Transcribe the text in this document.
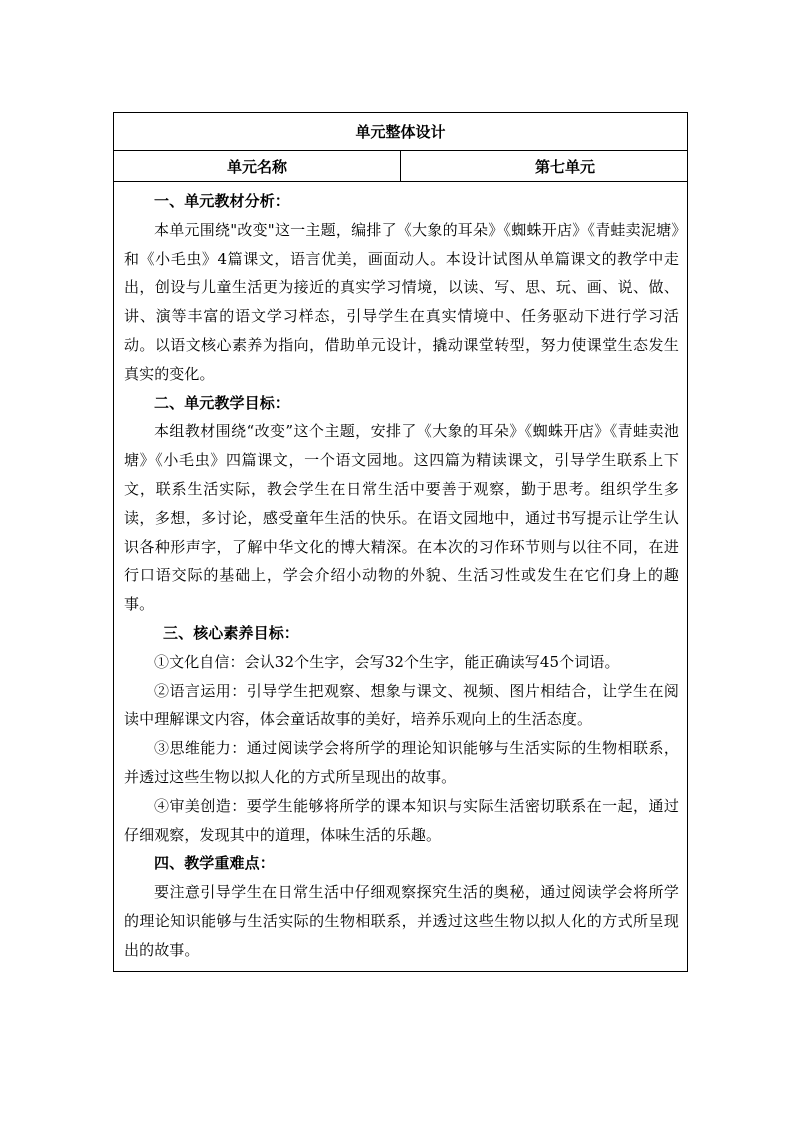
单元整体设计
单元名称	第七单元

一、单元教材分析：

本单元围绕"改变"这一主题，编排了《大象的耳朵》《蜘蛛开店》《青蛙卖泥塘》和《小毛虫》4篇课文，语言优美，画面动人。本设计试图从单篇课文的教学中走出，创设与儿童生活更为接近的真实学习情境，以读、写、思、玩、画、说、做、讲、演等丰富的语文学习样态，引导学生在真实情境中、任务驱动下进行学习活动。以语文核心素养为指向，借助单元设计，撬动课堂转型，努力使课堂生态发生真实的变化。

二、单元教学目标：

本组教材围绕“改变”这个主题，安排了《大象的耳朵》《蜘蛛开店》《青蛙卖池塘》《小毛虫》四篇课文，一个语文园地。这四篇为精读课文，引导学生联系上下文，联系生活实际，教会学生在日常生活中要善于观察，勤于思考。组织学生多读，多想，多讨论，感受童年生活的快乐。在语文园地中，通过书写提示让学生认识各种形声字，了解中华文化的博大精深。在本次的习作环节则与以往不同，在进行口语交际的基础上，学会介绍小动物的外貌、生活习性或发生在它们身上的趣事。

三、核心素养目标：

①文化自信：会认32个生字，会写32个生字，能正确读写45个词语。

②语言运用：引导学生把观察、想象与课文、视频、图片相结合，让学生在阅读中理解课文内容，体会童话故事的美好，培养乐观向上的生活态度。

③思维能力：通过阅读学会将所学的理论知识能够与生活实际的生物相联系，并透过这些生物以拟人化的方式所呈现出的故事。

④审美创造：要学生能够将所学的课本知识与实际生活密切联系在一起，通过仔细观察，发现其中的道理，体味生活的乐趣。

四、教学重难点：

要注意引导学生在日常生活中仔细观察探究生活的奥秘，通过阅读学会将所学的理论知识能够与生活实际的生物相联系，并透过这些生物以拟人化的方式所呈现出的故事。
